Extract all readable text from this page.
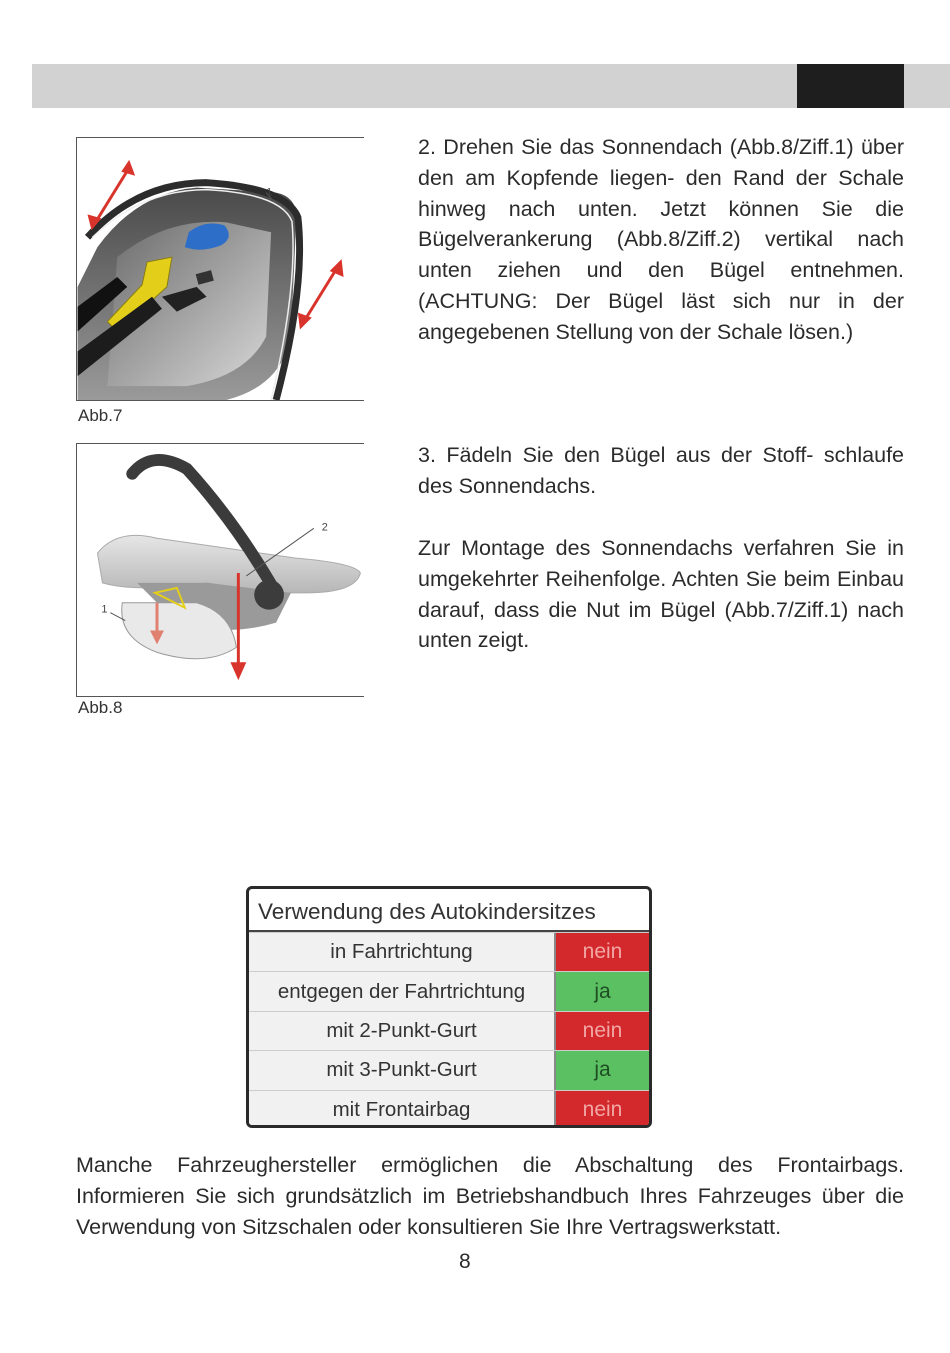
1
Abb.7
1
2
Abb.8

2. Drehen Sie das Sonnendach (Abb.8/Ziff.1) über den am Kopfende liegen- den Rand der Schale hinweg nach unten. Jetzt können Sie die Bügelverankerung (Abb.8/Ziff.2) vertikal nach unten ziehen und den Bügel entnehmen. (ACHTUNG: Der Bügel läst sich nur in der angegebenen Stellung von der Schale lösen.)

3. Fädeln Sie den Bügel aus der Stoff- schlaufe des Sonnendachs.

Zur Montage des Sonnendachs verfahren Sie in umgekehrter Reihenfolge. Achten Sie beim Einbau darauf, dass die Nut im Bügel (Abb.7/Ziff.1) nach unten zeigt.

Verwendung des Autokindersitzes
in Fahrtrichtung	nein
entgegen der Fahrtrichtung	ja
mit 2-Punkt-Gurt	nein
mit 3-Punkt-Gurt	ja
mit Frontairbag	nein

Manche Fahrzeughersteller ermöglichen die Abschaltung des Frontairbags. Informieren Sie sich grundsätzlich im Betriebshandbuch Ihres Fahrzeuges über die Verwendung von Sitzschalen oder konsultieren Sie Ihre Vertragswerkstatt.

8
